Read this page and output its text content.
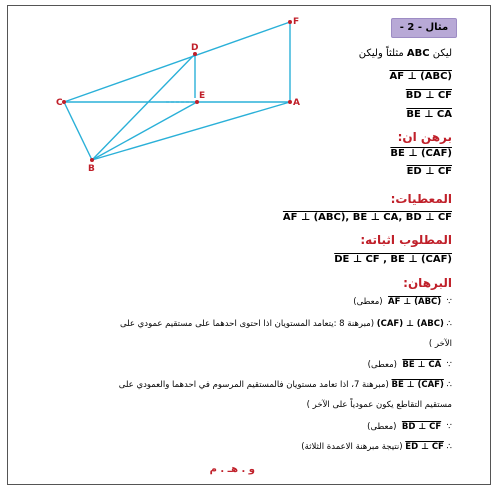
F
D
E
C	A
B
مثال - 2 -
ليكن ABC مثلثاً وليكن
AF ⊥ (ABC)
BD ⊥ CF
BE ⊥ CA
برهن ان:
BE ⊥ (CAF)
ED ⊥ CF
المعطيات:
AF ⊥ (ABC), BE ⊥ CA, BD ⊥ CF
المطلوب اثباته:
DE ⊥ CF , BE ⊥ (CAF)
البرهان:
∵  AF ⊥ (ABC)  (معطى)
∴ (CAF) ⊥ (ABC) (مبرهنة 8 :يتعامد المستويان اذا احتوى احدهما على مستقيم عمودي على
الآخر )
∵  BE ⊥ CA  (معطى)
∴ BE ⊥ (CAF) (مبرهنة 7، اذا تعامد مستويان فالمستقيم المرسوم في احدهما والعمودي على
مستقيم التقاطع يكون عمودياً على الآخر )
∵  BD ⊥ CF  (معطى)
∴ ED ⊥ CF (نتيجة مبرهنة الاعمدة الثلاثة)
و . هـ . م
